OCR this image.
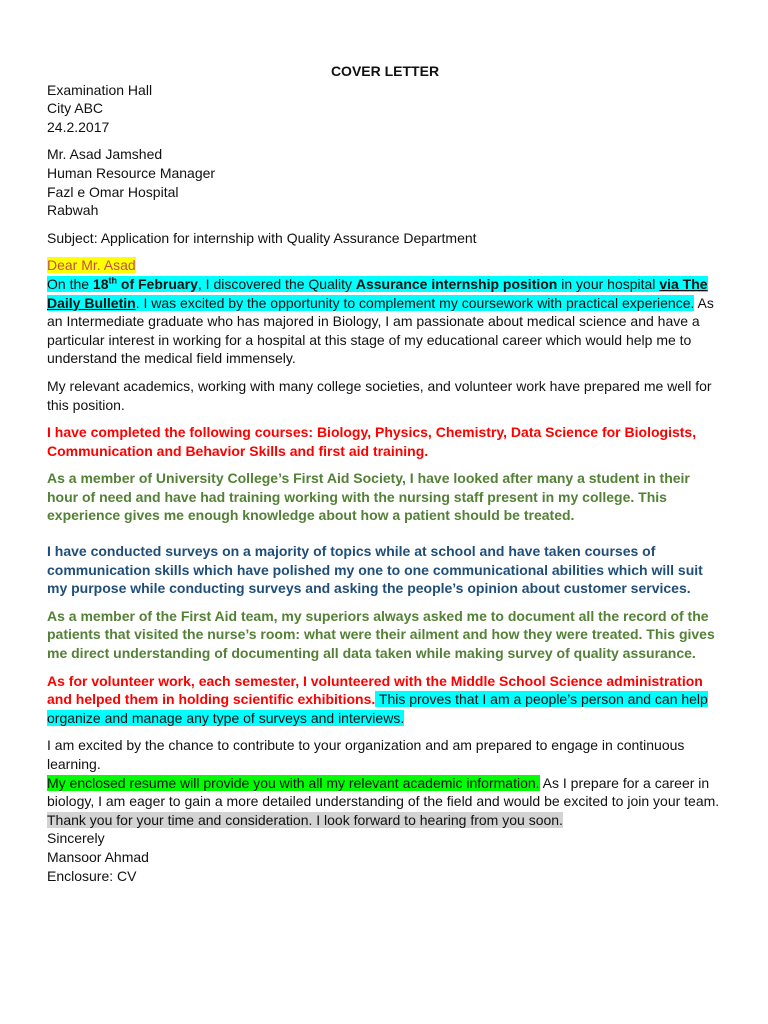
COVER LETTER

Examination Hall
City ABC
24.2.2017
Mr. Asad Jamshed
Human Resource Manager
Fazl e Omar Hospital
Rabwah

Subject: Application for internship with Quality Assurance Department

Dear Mr. Asad

On the 18th of February, I discovered the Quality Assurance internship position in your hospital via The Daily Bulletin. I was excited by the opportunity to complement my coursework with practical experience. As an Intermediate graduate who has majored in Biology, I am passionate about medical science and have a particular interest in working for a hospital at this stage of my educational career which would help me to understand the medical field immensely.

My relevant academics, working with many college societies, and volunteer work have prepared me well for this position.

I have completed the following courses: Biology, Physics, Chemistry, Data Science for Biologists, Communication and Behavior Skills and first aid training.

As a member of University College’s First Aid Society, I have looked after many a student in their hour of need and have had training working with the nursing staff present in my college. This experience gives me enough knowledge about how a patient should be treated.

I have conducted surveys on a majority of topics while at school and have taken courses of communication skills which have polished my one to one communicational abilities which will suit my purpose while conducting surveys and asking the people’s opinion about customer services.

As a member of the First Aid team, my superiors always asked me to document all the record of the patients that visited the nurse’s room: what were their ailment and how they were treated. This gives me direct understanding of documenting all data taken while making survey of quality assurance.

As for volunteer work, each semester, I volunteered with the Middle School Science administration and helped them in holding scientific exhibitions. This proves that I am a people’s person and can help organize and manage any type of surveys and interviews.

I am excited by the chance to contribute to your organization and am prepared to engage in continuous learning.
My enclosed resume will provide you with all my relevant academic information. As I prepare for a career in biology, I am eager to gain a more detailed understanding of the field and would be excited to join your team. Thank you for your time and consideration. I look forward to hearing from you soon.

Sincerely
Mansoor Ahmad
Enclosure: CV
